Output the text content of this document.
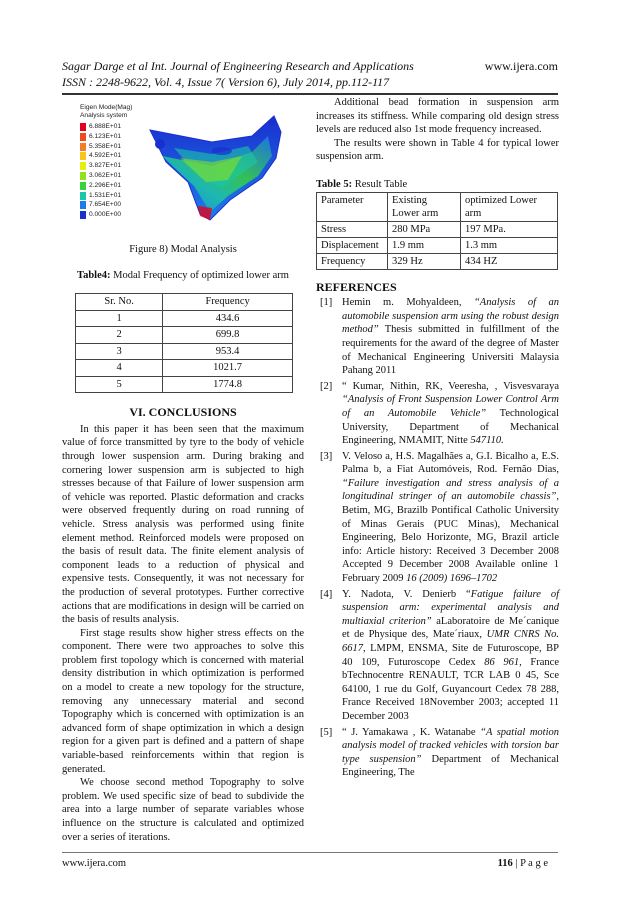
Sagar Darge et al Int. Journal of Engineering Research and Applications
ISSN : 2248-9622, Vol. 4, Issue 7( Version 6), July 2014, pp.112-117
www.ijera.com
Eigen Mode(Mag)
Analysis system
6.888E+01
6.123E+01
5.358E+01
4.592E+01
3.827E+01
3.062E+01
2.296E+01
1.531E+01
7.654E+00
0.000E+00
Figure 8) Modal Analysis
Table4: Modal Frequency of optimized lower arm
Sr. No.	Frequency
1	434.6
2	699.8
3	953.4
4	1021.7
5	1774.8
VI. CONCLUSIONS

In this paper it has been seen that the maximum value of force transmitted by tyre to the body of vehicle through lower suspension arm. During braking and cornering lower suspension arm is subjected to high stresses because of that Failure of lower suspension arm of vehicle was reported. Plastic deformation and cracks were observed frequently during on road running of vehicle. Stress analysis was performed using finite element method. Reinforced models were proposed on the basis of result data. The finite element analysis of component leads to a reduction of physical and expensive tests. Consequently, it was not necessary for the production of several prototypes. Further corrective actions that are modifications in design will be carried on the basis of results analysis.

First stage results show higher stress effects on the component. There were two approaches to solve this problem first topology which is concerned with material density distribution in which optimization is performed on a model to create a new topology for the structure, removing any unnecessary material and second Topography which is concerned with optimization is an advanced form of shape optimization in which a design region for a given part is defined and a pattern of shape variable-based reinforcements within that region is generated.

We choose second method Topography to solve problem. We used specific size of bead to subdivide the area into a large number of separate variables whose influence on the structure is calculated and optimized over a series of iterations.

Additional bead formation in suspension arm increases its stiffness. While comparing old design stress levels are reduced also 1st mode frequency increased.

The results were shown in Table 4 for typical lower suspension arm.

Table 5: Result Table
Parameter	Existing Lower arm	optimized Lower arm
Stress	280 MPa	197 MPa.
Displacement	1.9 mm	1.3 mm
Frequency	329 Hz	434 HZ
REFERENCES
[1] Hemin m. Mohyaldeen, “Analysis of an automobile suspension arm using the robust design method” Thesis submitted in fulfillment of the requirements for the award of the degree of Master of Mechanical Engineering Universiti Malaysia Pahang 2011
[2] “ Kumar, Nithin, RK, Veeresha, , Visvesvaraya “Analysis of Front Suspension Lower Control Arm of an Automobile Vehicle” Technological University, Department of Mechanical Engineering, NMAMIT, Nitte 547110.
[3] V. Veloso a, H.S. Magalhães a, G.I. Bicalho a, E.S. Palma b, a Fiat Automóveis, Rod. Fernão Dias, “Failure investigation and stress analysis of a longitudinal stringer of an automobile chassis”, Betim, MG, Brazilb Pontifical Catholic University of Minas Gerais (PUC Minas), Mechanical Engineering, Belo Horizonte, MG, Brazil article info: Article history: Received 3 December 2008 Accepted 9 December 2008 Available online 1 February 2009 16 (2009) 1696–1702
[4] Y. Nadota, V. Denierb “Fatigue failure of suspension arm: experimental analysis and multiaxial criterion” aLaboratoire de Me´canique et de Physique des, Mate´riaux, UMR CNRS No. 6617, LMPM, ENSMA, Site de Futuroscope, BP 40 109, Futuroscope Cedex 86 961, France bTechnocentre RENAULT, TCR LAB 0 45, Sce 64100, 1 rue du Golf, Guyancourt Cedex 78 288, France Received 18November 2003; accepted 11 December 2003
[5] “ J. Yamakawa , K. Watanabe “A spatial motion analysis model of tracked vehicles with torsion bar type suspension” Department of Mechanical Engineering, The
www.ijera.com	116 | P a g e
